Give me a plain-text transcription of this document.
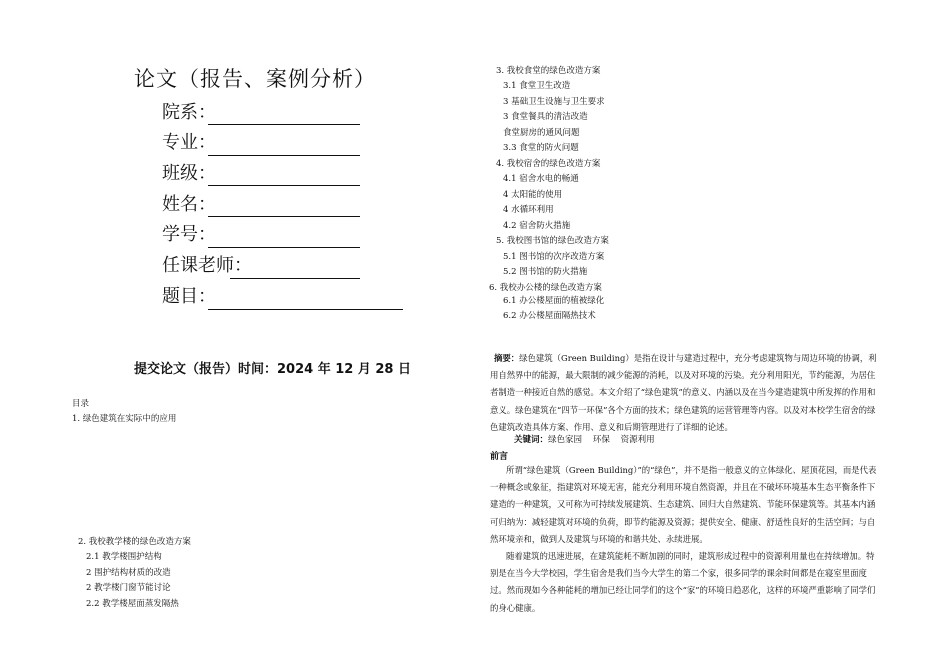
论文（报告、案例分析）
院系：
专业：
班级：
姓名：
学号：
任课老师：
题目：
提交论文（报告）时间：2024 年 12 月 28 日
目录
1. 绿色建筑在实际中的应用
2. 我校教学楼的绿色改造方案
2.1 教学楼围护结构
2 围护结构材质的改造
2 教学楼门窗节能讨论
2.2 教学楼屋面蒸发隔热
3. 我校食堂的绿色改造方案
3.1 食堂卫生改造
3 基础卫生设施与卫生要求
3 食堂餐具的清洁改造
食堂厨房的通风问题
3.3 食堂的防火问题
4. 我校宿舍的绿色改造方案
4.1 宿舍水电的畅通
4 太阳能的使用
4 水循环利用
4.2 宿舍防火措施
5. 我校图书馆的绿色改造方案
5.1 图书馆的次序改造方案
5.2 图书馆的防火措施
6. 我校办公楼的绿色改造方案
6.1 办公楼屋面的植被绿化
6.2 办公楼屋面隔热技术

摘要：绿色建筑（Green Building）是指在设计与建造过程中，充分考虑建筑物与周边环境的协调，利用自然界中的能源，最大限制的减少能源的消耗，以及对环境的污染。充分利用阳光，节约能源，为居住者制造一种接近自然的感觉。本文介绍了“绿色建筑”的意义、内涵以及在当今建造建筑中所发挥的作用和意义。绿色建筑在“四节一环保”各个方面的技术；绿色建筑的运营管理等内容。以及对本校学生宿舍的绿色建筑改造具体方案、作用、意义和后期管理进行了详细的论述。

关键词：绿色家园    环保    资源利用
前言

所谓“绿色建筑（Green Building）”的“绿色”，并不是指一般意义的立体绿化、屋顶花园，而是代表一种概念或象征，指建筑对环境无害，能充分利用环境自然资源，并且在不破坏环境基本生态平衡条件下建造的一种建筑，又可称为可持续发展建筑、生态建筑、回归大自然建筑、节能环保建筑等。其基本内涵可归纳为：减轻建筑对环境的负荷，即节约能源及资源；提供安全、健康、舒适性良好的生活空间；与自然环境亲和，做到人及建筑与环境的和谐共处、永续进展。

随着建筑的迅速进展，在建筑能耗不断加剧的同时，建筑形成过程中的资源利用量也在持续增加。特别是在当今大学校园，学生宿舍是我们当今大学生的第二个家，很多同学的课余时间都是在寝室里面度过。然而现如今各种能耗的增加已经让同学们的这个“家”的环境日趋恶化，这样的环境严重影响了同学们的身心健康。
